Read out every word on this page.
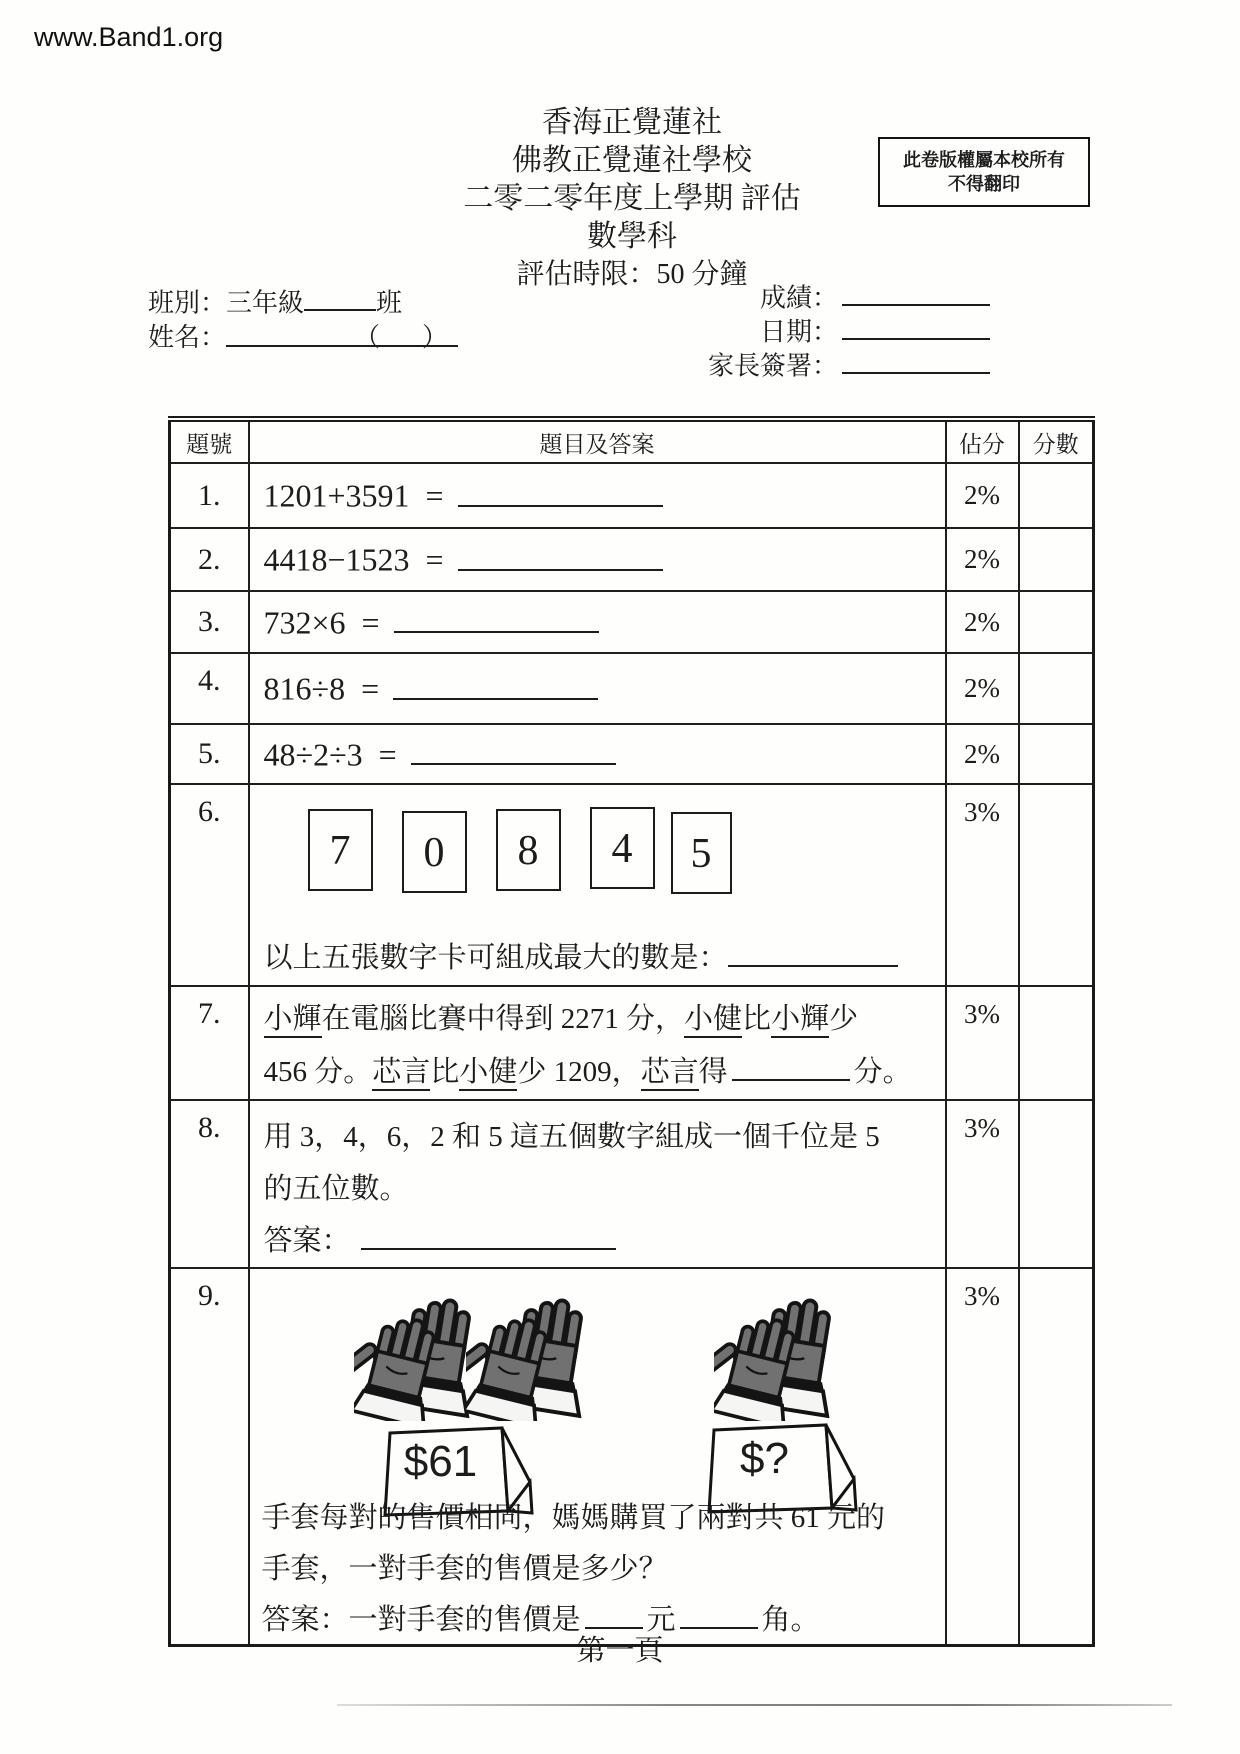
www.Band1.org
香海正覺蓮社
佛教正覺蓮社學校
二零二零年度上學期 評估
數學科
評估時限：50 分鐘
此卷版權屬本校所有
不得翻印
班別：三年級	班
姓名：	（　）
成績：
日期：
家長簽署：
題號	題目及答案	佔分	分數
1.	1201+3591  =	2%	
2.	4418−1523  =	2%	
3.	732×6  =	2%	
4.	816÷8  =	2%	
5.	48÷2÷3  =	2%	
6.	7 0 8 4 5
以上五張數字卡可組成最大的數是：	3%	
7.	小輝在電腦比賽中得到 2271 分，小健比小輝少
456 分。芯言比小健少 1209，芯言得 分。	3%	
8.	用 3，4，6，2 和 5 這五個數字組成一個千位是 5
的五位數。
答案：	3%	
9.	$61 $?
手套每對的售價相同，媽媽購買了兩對共 61 元的
手套，一對手套的售價是多少？
答案：一對手套的售價是 元 角。	3%	
第一頁
